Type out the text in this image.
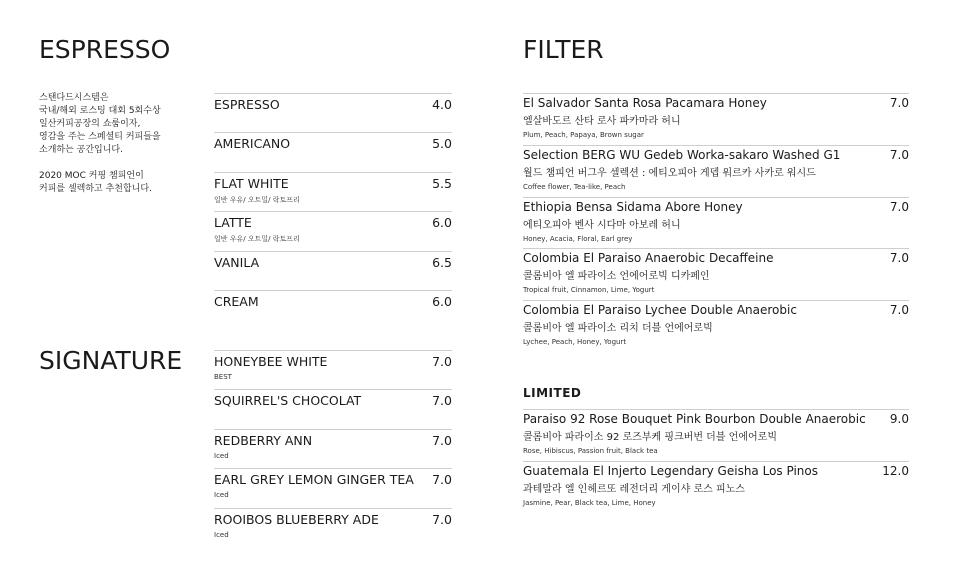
ESPRESSO

스탠다드시스템은
국내/해외 로스팅 대회 5회수상
일산커피공장의 쇼룸이자,
영감을 주는 스페셜티 커피들을
소개하는 공간입니다.

2020 MOC 커핑 챔피언이
커피를 셀렉하고 추천합니다.

ESPRESSO	4.0
AMERICANO	5.0
FLAT WHITE	5.5
일반 우유/ 오트밀/ 락토프리
LATTE	6.0
일반 우유/ 오트밀/ 락토프리
VANILA	6.5
CREAM	6.0
SIGNATURE	HONEYBEE WHITE	7.0
BEST
SQUIRREL'S CHOCOLAT	7.0
REDBERRY ANN	7.0
Iced
EARL GREY LEMON GINGER TEA 7.0
Iced
ROOIBOS BLUEBERRY ADE	7.0
Iced
FILTER
El Salvador Santa Rosa Pacamara Honey	7.0
엘살바도르 산타 로사 파카마라 허니
Plum, Peach, Papaya, Brown sugar
Selection BERG WU Gedeb Worka-sakaro Washed G1	7.0
월드 챔피언 버그우 셀렉션 : 에티오피아 게뎁 워르카 사카로 워시드
Coffee flower, Tea-like, Peach
Ethiopia Bensa Sidama Abore Honey	7.0
에티오피아 벤사 시다마 아보레 허니
Honey, Acacia, Floral, Earl grey
Colombia El Paraiso Anaerobic Decaffeine	7.0
콜롬비아 엘 파라이소 언에어로빅 디카페인
Tropical fruit, Cinnamon, Lime, Yogurt
Colombia El Paraiso Lychee Double Anaerobic	7.0
콜롬비아 엘 파라이소 리치 더블 언에어로빅
Lychee, Peach, Honey, Yogurt
LIMITED
Paraiso 92 Rose Bouquet Pink Bourbon Double Anaerobic 9.0
콜롬비아 파라이소 92 로즈부케 핑크버번 더블 언에어로빅
Rose, Hibiscus, Passion fruit, Black tea
Guatemala El Injerto Legendary Geisha Los Pinos	12.0
과테말라 엘 인헤르또 레전더리 게이샤 로스 피노스
Jasmine, Pear, Black tea, Lime, Honey
